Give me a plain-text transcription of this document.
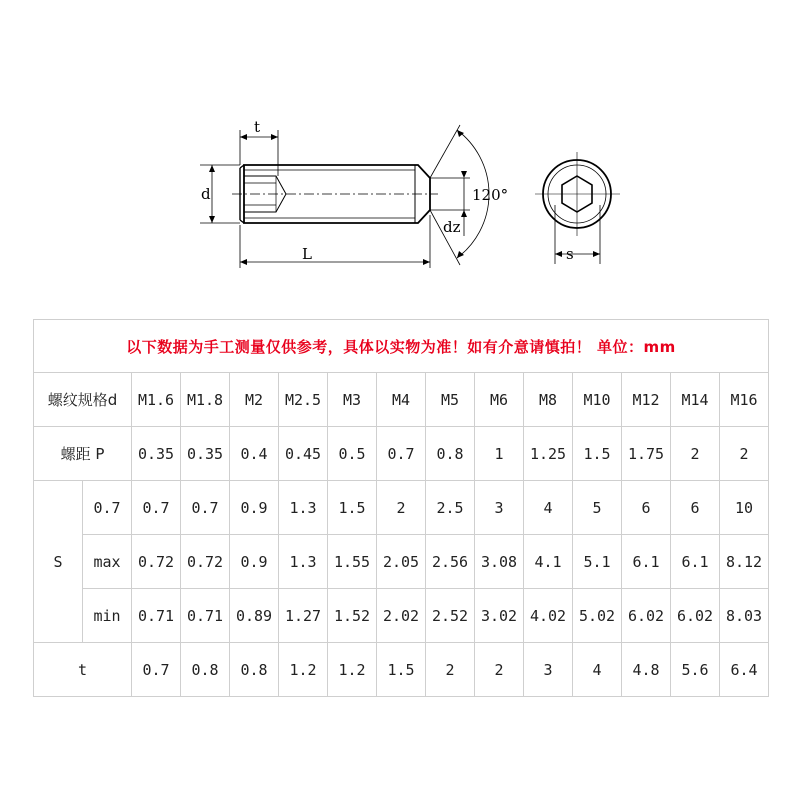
t
d
L
dz
120°
s
以下数据为手工测量仅供参考，具体以实物为准！如有介意请慎拍！ 单位：mm														
螺纹规格d		M1.6	M1.8	M2	M2.5	M3	M4	M5	M6	M8	M10	M12	M14	M16
螺距 P		0.35	0.35	0.4	0.45	0.5	0.7	0.8	1	1.25	1.5	1.75	2	2
S	0.7	0.7	0.7	0.9	1.3	1.5	2	2.5	3	4	5	6	6	10
	max	0.72	0.72	0.9	1.3	1.55	2.05	2.56	3.08	4.1	5.1	6.1	6.1	8.12
	min	0.71	0.71	0.89	1.27	1.52	2.02	2.52	3.02	4.02	5.02	6.02	6.02	8.03
t		0.7	0.8	0.8	1.2	1.2	1.5	2	2	3	4	4.8	5.6	6.4
